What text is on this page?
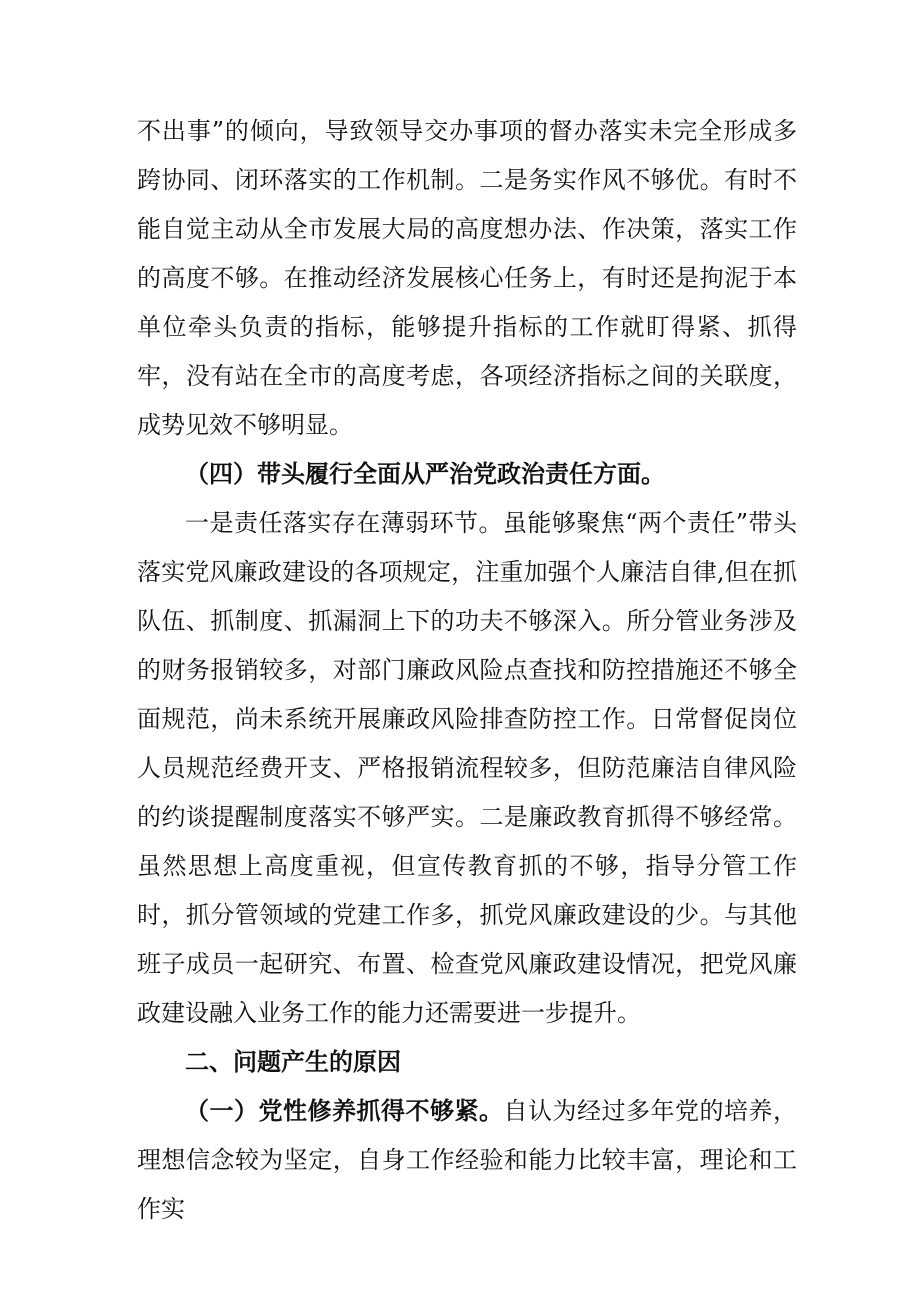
不出事”的倾向，导致领导交办事项的督办落实未完全形成多跨协同、闭环落实的工作机制。二是务实作风不够优。有时不能自觉主动从全市发展大局的高度想办法、作决策，落实工作的高度不够。在推动经济发展核心任务上，有时还是拘泥于本单位牵头负责的指标，能够提升指标的工作就盯得紧、抓得牢，没有站在全市的高度考虑，各项经济指标之间的关联度，成势见效不够明显。

（四）带头履行全面从严治党政治责任方面。

一是责任落实存在薄弱环节。虽能够聚焦“两个责任”带头落实党风廉政建设的各项规定，注重加强个人廉洁自律,但在抓队伍、抓制度、抓漏洞上下的功夫不够深入。所分管业务涉及的财务报销较多，对部门廉政风险点查找和防控措施还不够全面规范，尚未系统开展廉政风险排查防控工作。日常督促岗位人员规范经费开支、严格报销流程较多，但防范廉洁自律风险的约谈提醒制度落实不够严实。二是廉政教育抓得不够经常。虽然思想上高度重视，但宣传教育抓的不够，指导分管工作时，抓分管领域的党建工作多，抓党风廉政建设的少。与其他班子成员一起研究、布置、检查党风廉政建设情况，把党风廉政建设融入业务工作的能力还需要进一步提升。

二、问题产生的原因

（一）党性修养抓得不够紧。自认为经过多年党的培养，理想信念较为坚定，自身工作经验和能力比较丰富，理论和工作实
